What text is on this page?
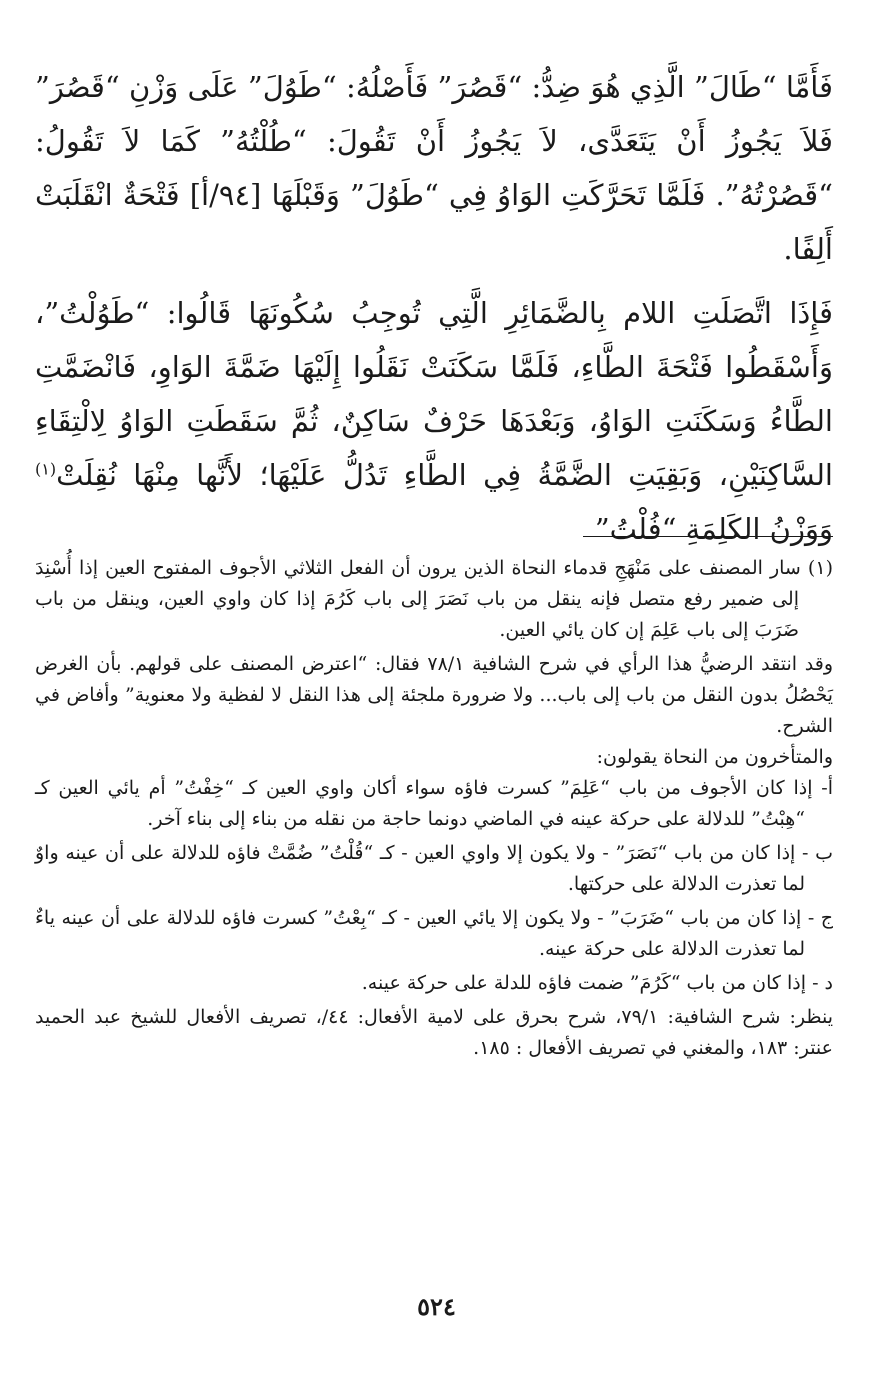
فَأَمَّا “طَالَ” الَّذِي هُوَ ضِدُّ: “قَصُرَ” فَأَصْلُهُ: “طَوُلَ” عَلَى وَزْنِ “قَصُرَ” فَلاَ يَجُوزُ أَنْ يَتَعَدَّى، لاَ يَجُوزُ أَنْ تَقُولَ: “طُلْتُهُ” كَمَا لاَ تَقُولُ: “قَصُرْتُهُ”. فَلَمَّا تَحَرَّكَتِ الوَاوُ فِي “طَوُلَ” وَقَبْلَهَا [٩٤/أ] فَتْحَةٌ انْقَلَبَتْ أَلِفًا.

فَإِذَا اتَّصَلَتِ اللام بِالضَّمَائِرِ الَّتِي تُوجِبُ سُكُونَهَا قَالُوا: “طَوُلْتُ”، وَأَسْقَطُوا فَتْحَةَ الطَّاءِ، فَلَمَّا سَكَنَتْ نَقَلُوا إِلَيْهَا ضَمَّةَ الوَاوِ، فَانْضَمَّتِ الطَّاءُ وَسَكَنَتِ الوَاوُ، وَبَعْدَهَا حَرْفٌ سَاكِنٌ، ثُمَّ سَقَطَتِ الوَاوُ لِالْتِقَاءِ السَّاكِنَيْنِ، وَبَقِيَتِ الضَّمَّةُ فِي الطَّاءِ تَدُلُّ عَلَيْهَا؛ لأَنَّها مِنْهَا نُقِلَتْ$^{(١)}$ وَوَزْنُ الكَلِمَةِ “فُلْتُ”

(١) سار المصنف على مَنْهَجِ قدماء النحاة الذين يرون أن الفعل الثلاثي الأجوف المفتوح العين إذا أُسْنِدَ إلى ضمير رفع متصل فإنه ينقل من باب نَصَرَ إلى باب كَرُمَ إذا كان واوي العين، وينقل من باب ضَرَبَ إلى باب عَلِمَ إن كان يائي العين.

وقد انتقد الرضيُّ هذا الرأي في شرح الشافية ٧٨/١ فقال: “اعترض المصنف على قولهم. بأن الغرض يَحْصُلُ بدون النقل من باب إلى باب... ولا ضرورة ملجئة إلى هذا النقل لا لفظية ولا معنوية” وأفاض في الشرح.

والمتأخرون من النحاة يقولون:

أ- إذا كان الأجوف من باب “عَلِمَ” كسرت فاؤه سواء أكان واوي العين كـ “خِفْتُ” أم يائي العين كـ “هِبْتُ” للدلالة على حركة عينه في الماضي دونما حاجة من نقله من بناء إلى بناء آخر.

ب - إذا كان من باب “نَصَرَ” - ولا يكون إلا واوي العين - كـ “قُلْتُ” ضُمَّتْ فاؤه للدلالة على أن عينه واوٌ لما تعذرت الدلالة على حركتها.

ج - إذا كان من باب “ضَرَبَ” - ولا يكون إلا يائي العين - كـ “بِعْتُ” كسرت فاؤه للدلالة على أن عينه ياءٌ لما تعذرت الدلالة على حركة عينه.

د - إذا كان من باب “كَرُمَ” ضمت فاؤه للدلة على حركة عينه.

ينظر: شرح الشافية: ٧٩/١، شرح بحرق على لامية الأفعال: ٤٤/، تصريف الأفعال للشيخ عبد الحميد عنتر: ١٨٣، والمغني في تصريف الأفعال : ١٨٥.

٥٢٤
